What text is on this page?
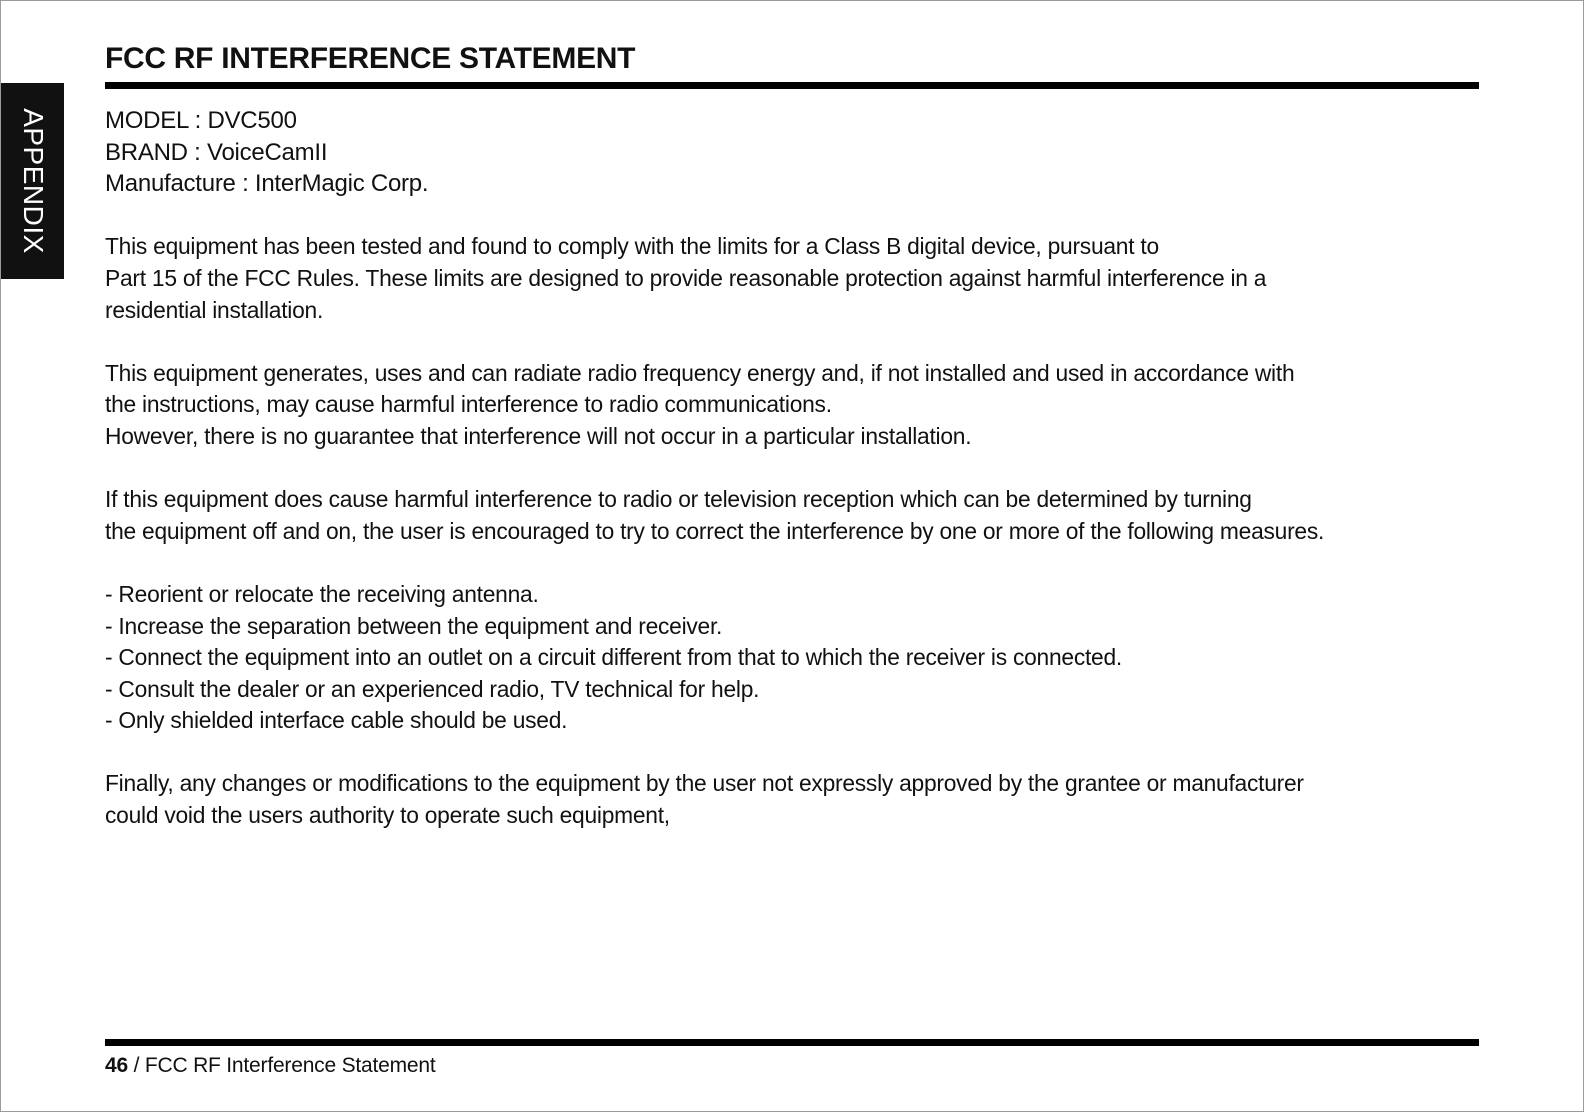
APPENDIX
FCC RF INTERFERENCE STATEMENT
MODEL : DVC500
BRAND : VoiceCamII
Manufacture : InterMagic Corp.
This equipment has been tested and found to comply with the limits for a Class B digital device, pursuant to
Part 15 of the FCC Rules. These limits are designed to provide reasonable protection against harmful interference in a
residential installation.
This equipment generates, uses and can radiate radio frequency energy and, if not installed and used in accordance with
the instructions, may cause harmful interference to radio communications.
However, there is no guarantee that interference will not occur in a particular installation.
If this equipment does cause harmful interference to radio or television reception which can be determined by turning
the equipment off and on, the user is encouraged to try to correct the interference by one or more of the following measures.
- Reorient or relocate the receiving antenna.
- Increase the separation between the equipment and receiver.
- Connect the equipment into an outlet on a circuit different from that to which the receiver is connected.
- Consult the dealer or an experienced radio, TV technical for help.
- Only shielded interface cable should be used.
Finally, any changes or modifications to the equipment by the user not expressly approved by the grantee or manufacturer
could void the users authority to operate such equipment,
46 / FCC RF Interference Statement
